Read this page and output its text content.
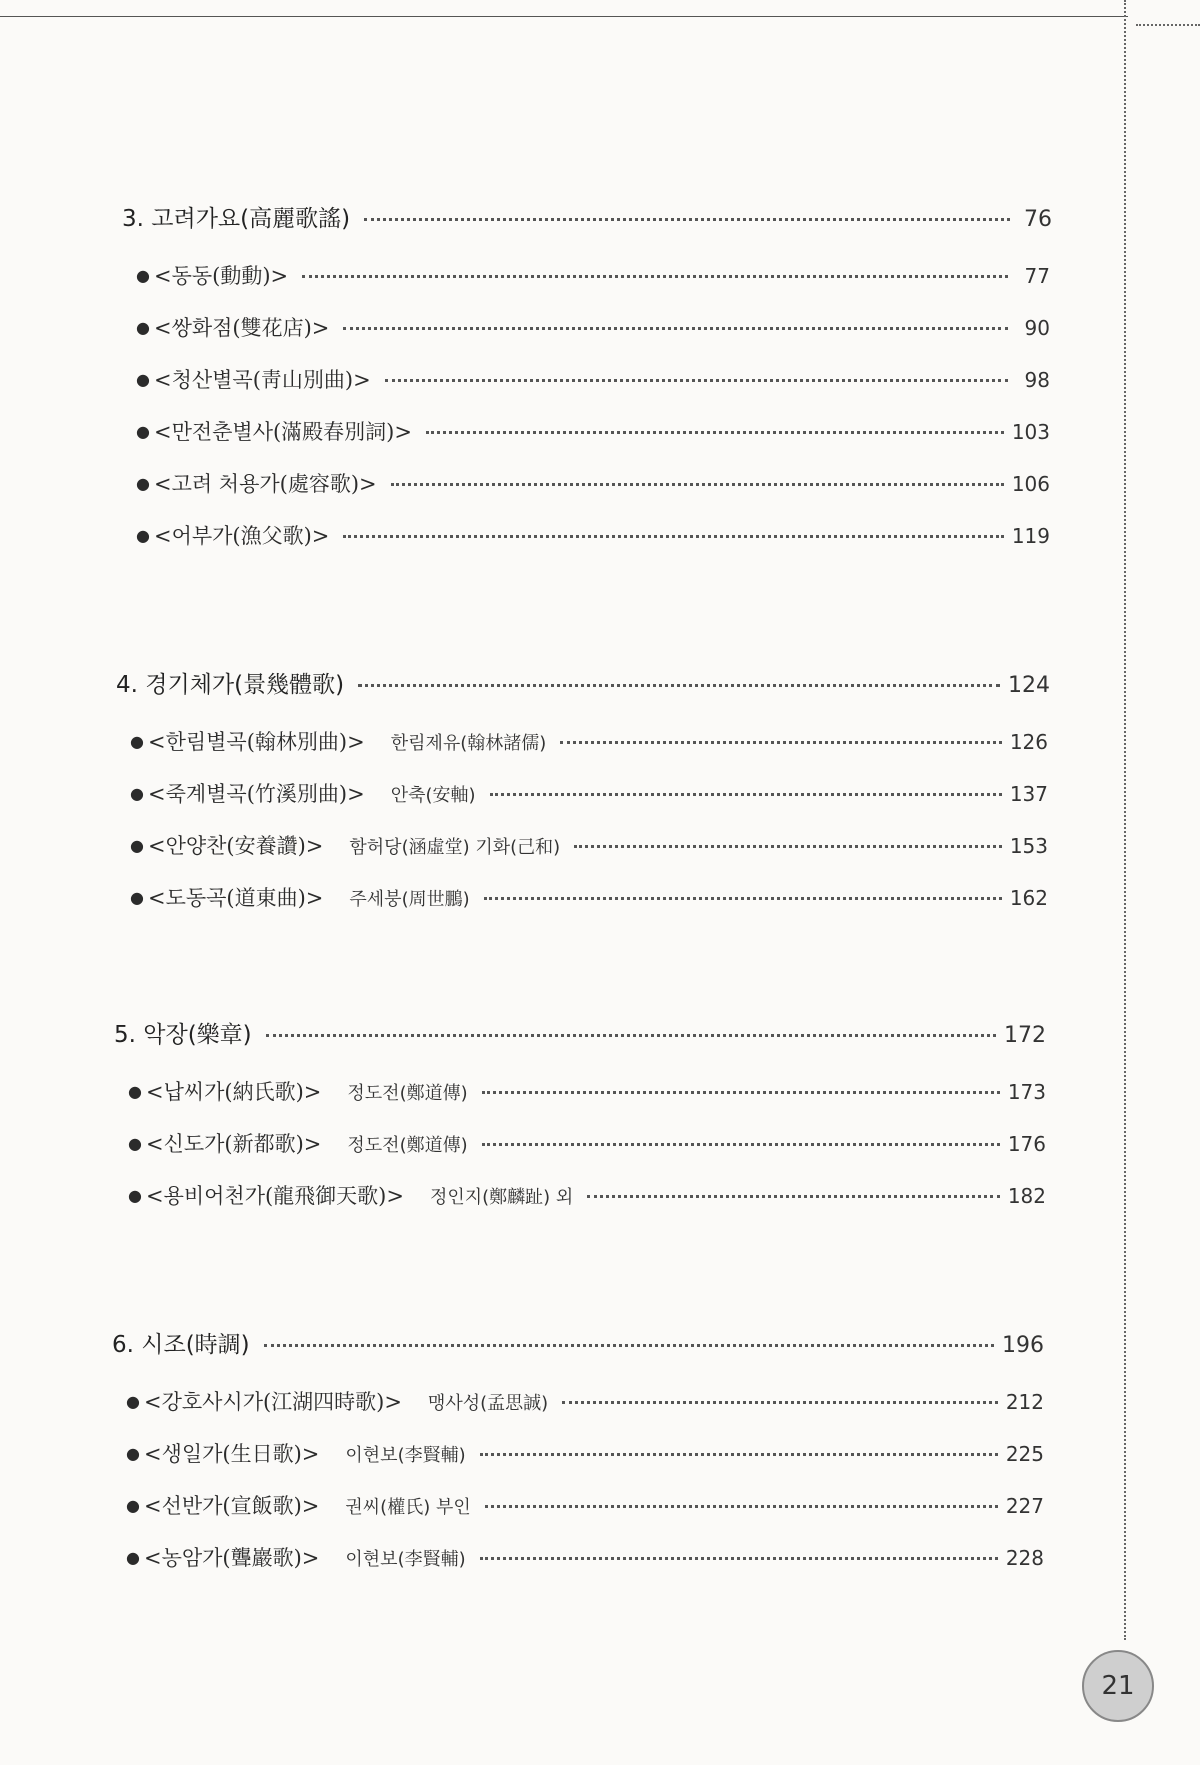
3. 고려가요(高麗歌謠)	76
● <동동(動動)>	77
● <쌍화점(雙花店)>	90
● <청산별곡(靑山別曲)>	98
● <만전춘별사(滿殿春別詞)>	103
● <고려 처용가(處容歌)>	106
● <어부가(漁父歌)>	119
4. 경기체가(景幾體歌)	124
● <한림별곡(翰林別曲)> 한림제유(翰林諸儒)	126
● <죽계별곡(竹溪別曲)> 안축(安軸)	137
● <안양찬(安養讚)> 함허당(涵虛堂) 기화(己和)	153
● <도동곡(道東曲)> 주세붕(周世鵬)	162
5. 악장(樂章)	172
● <납씨가(納氏歌)> 정도전(鄭道傳)	173
● <신도가(新都歌)> 정도전(鄭道傳)	176
● <용비어천가(龍飛御天歌)> 정인지(鄭麟趾) 외	182
6. 시조(時調)	196
● <강호사시가(江湖四時歌)> 맹사성(孟思誠)	212
● <생일가(生日歌)> 이현보(李賢輔)	225
● <선반가(宣飯歌)> 권씨(權氏) 부인	227
● <농암가(聾巖歌)> 이현보(李賢輔)	228
21
